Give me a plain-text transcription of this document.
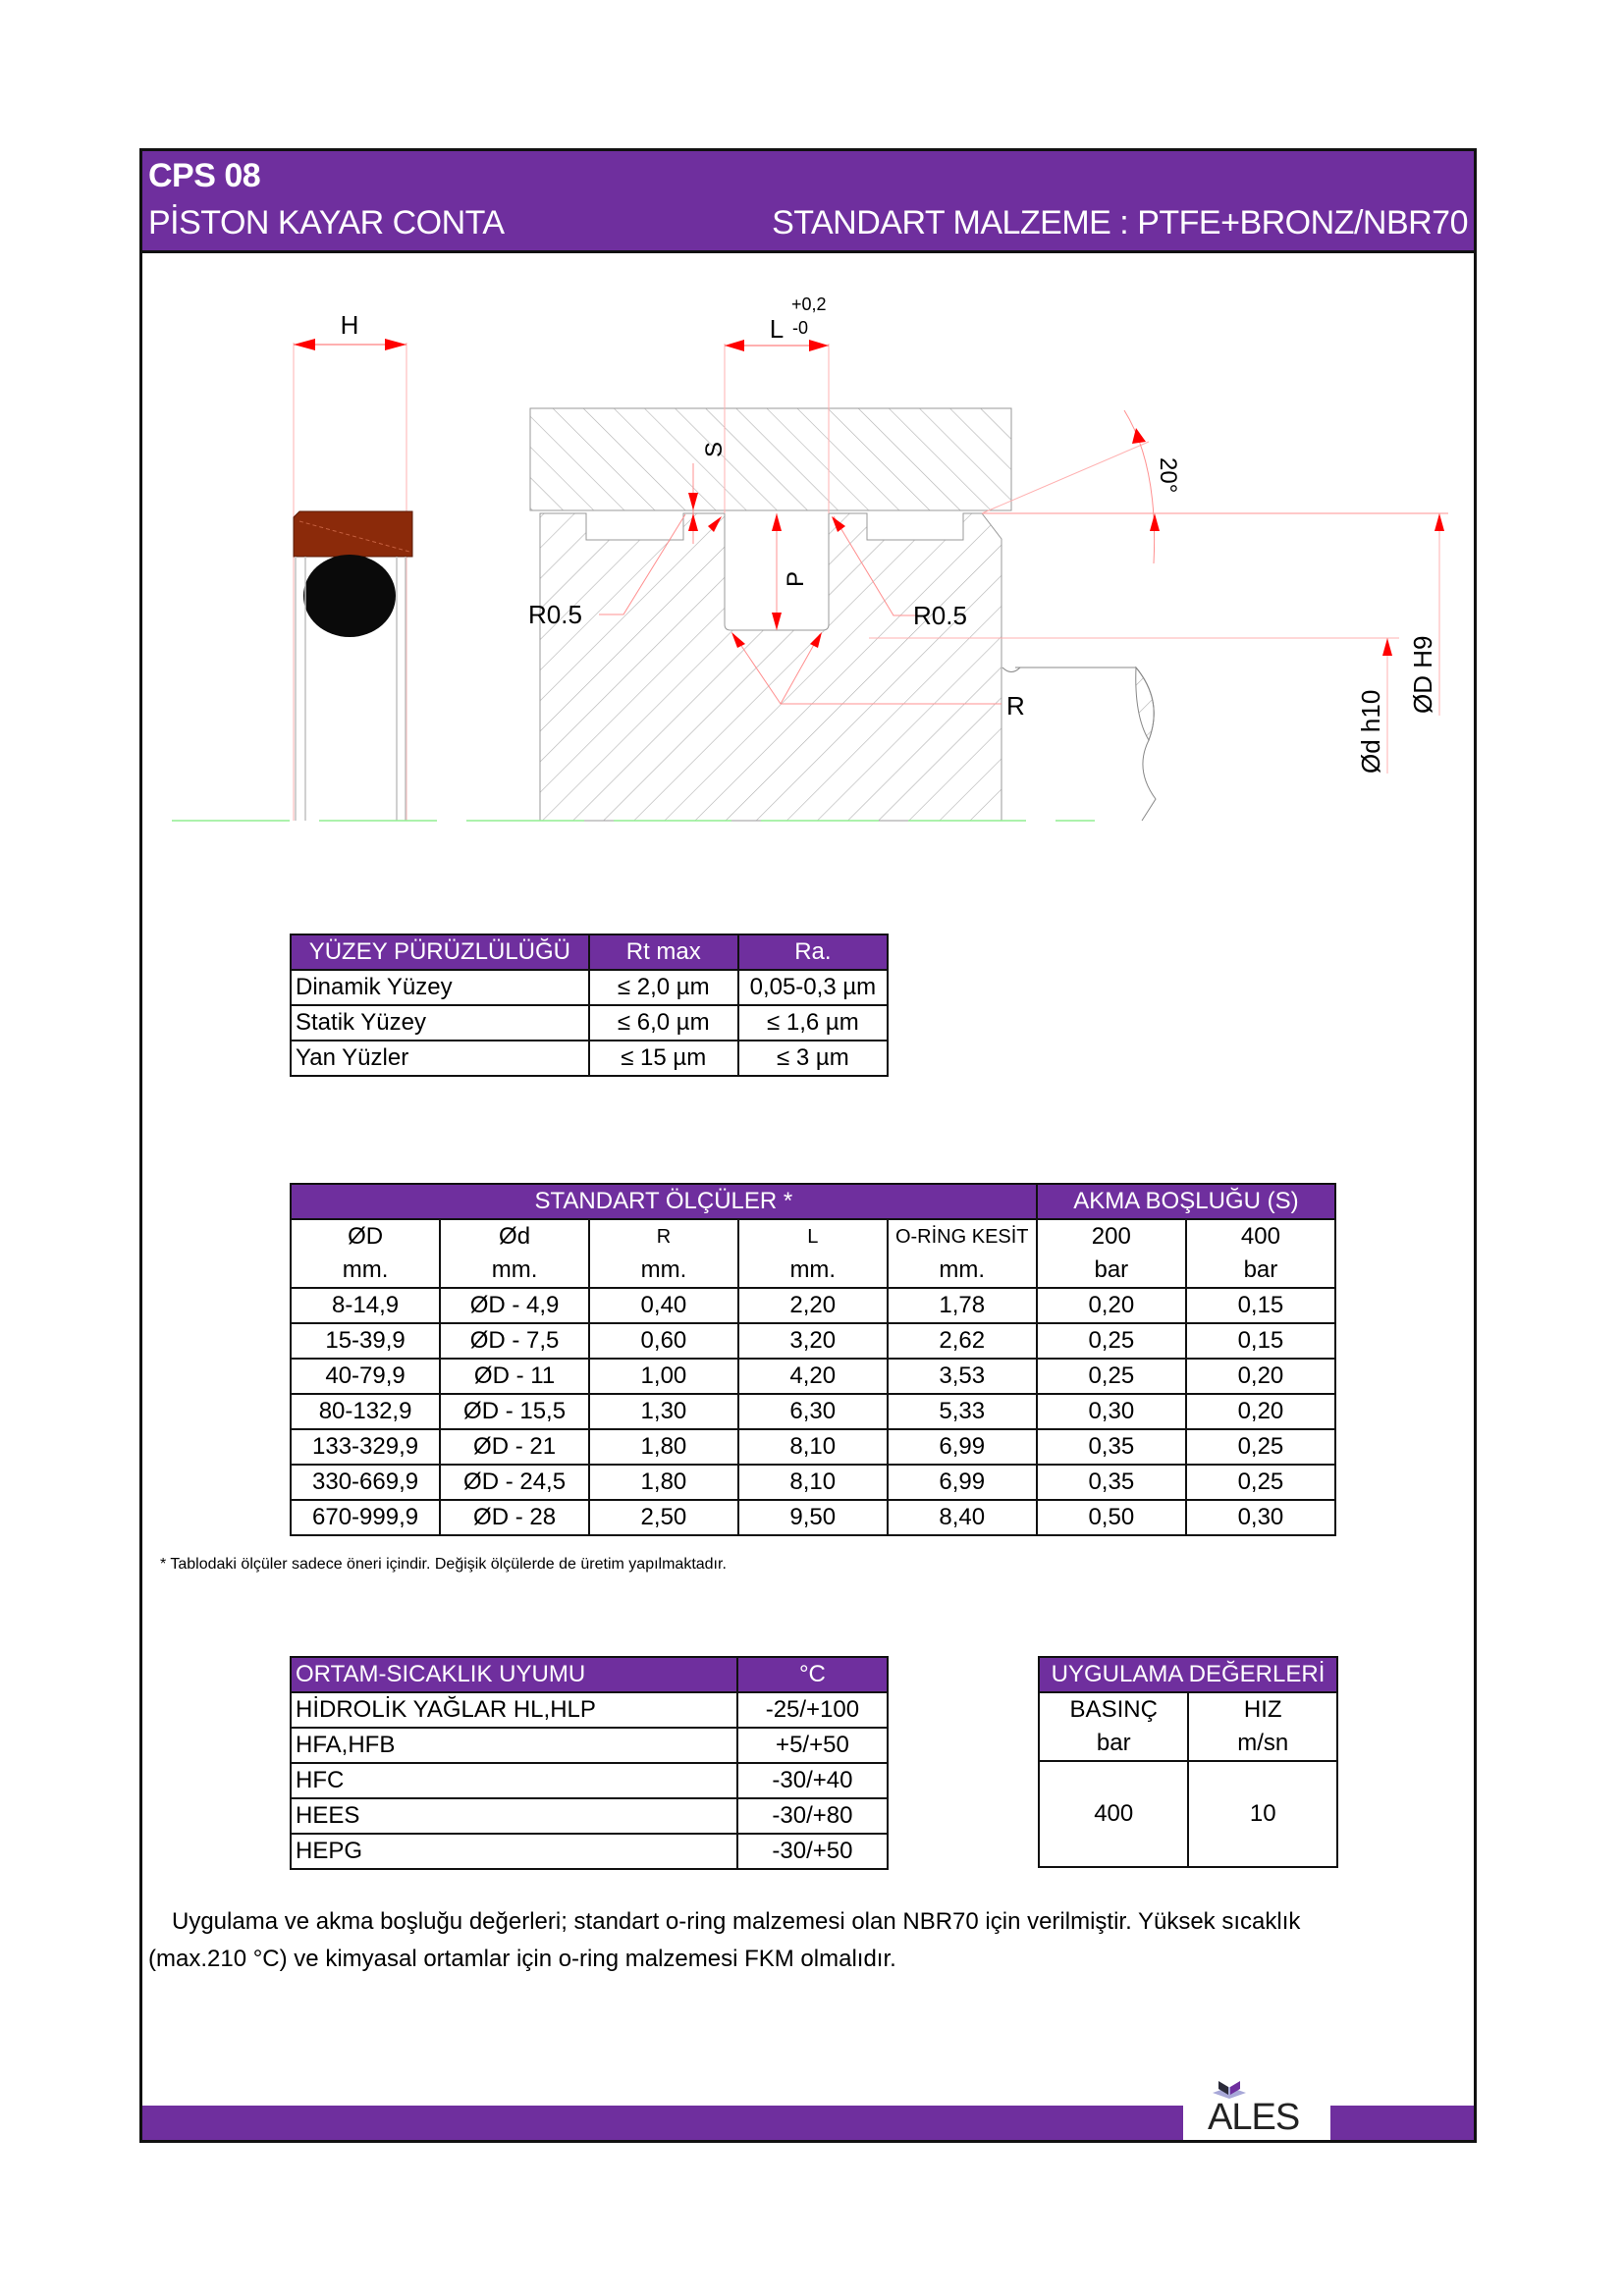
CPS 08
PİSTON KAYAR CONTA	STANDART MALZEME : PTFE+BRONZ/NBR70
H	L
+0,2
-0
S
P
R0.5	R0.5
R
20°
Ød h10
ØD H9
YÜZEY PÜRÜZLÜLÜĞÜ	Rt max	Ra.
Dinamik Yüzey	≤ 2,0 µm	0,05-0,3 µm
Statik Yüzey	≤ 6,0 µm	≤ 1,6 µm
Yan Yüzler	≤ 15 µm	≤ 3 µm
STANDART ÖLÇÜLER *					AKMA BOŞLUĞU (S)	
ØD	Ød	R	L	O-RİNG KESİT	200	400
mm.	mm.	mm.	mm.	mm.	bar	bar
8-14,9	ØD - 4,9	0,40	2,20	1,78	0,20	0,15
15-39,9	ØD - 7,5	0,60	3,20	2,62	0,25	0,15
40-79,9	ØD - 11	1,00	4,20	3,53	0,25	0,20
80-132,9	ØD - 15,5	1,30	6,30	5,33	0,30	0,20
133-329,9	ØD - 21	1,80	8,10	6,99	0,35	0,25
330-669,9	ØD - 24,5	1,80	8,10	6,99	0,35	0,25
670-999,9	ØD - 28	2,50	9,50	8,40	0,50	0,30
* Tablodaki ölçüler sadece öneri içindir. Değişik ölçülerde de üretim yapılmaktadır.
ORTAM-SICAKLIK UYUMU	°C
HİDROLİK YAĞLAR HL,HLP	-25/+100
HFA,HFB	+5/+50
HFC	-30/+40
HEES	-30/+80
HEPG	-30/+50
UYGULAMA DEĞERLERİ	
BASINÇ	HIZ
bar	m/sn
400	10
Uygulama ve akma boşluğu değerleri; standart o-ring malzemesi olan NBR70 için verilmiştir. Yüksek sıcaklık
(max.210 °C) ve kimyasal ortamlar için o-ring malzemesi FKM olmalıdır.
ALES
